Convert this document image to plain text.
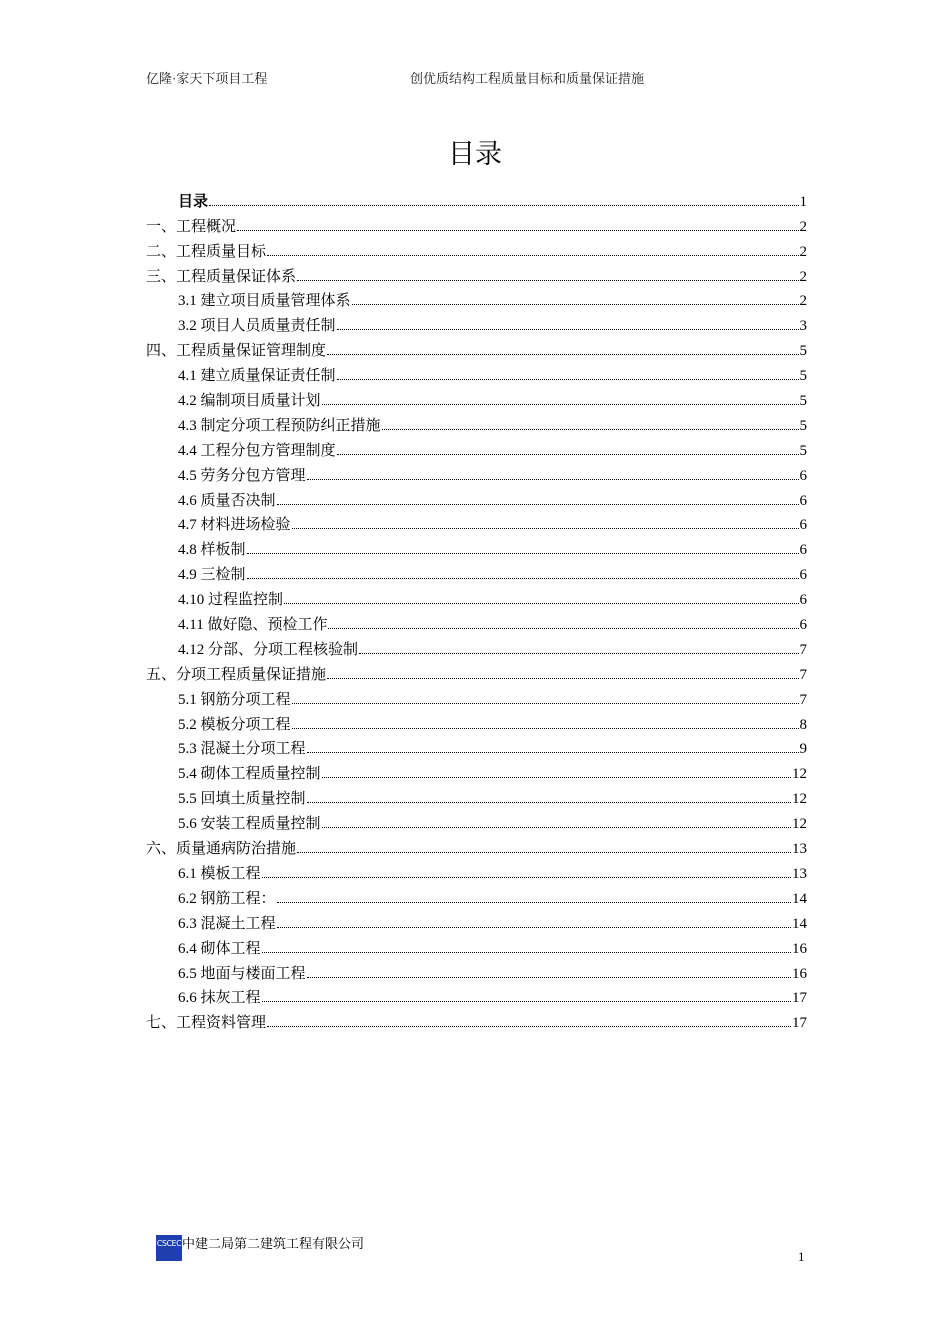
亿隆·家天下项目工程	创优质结构工程质量目标和质量保证措施
目录
目录	1
一、工程概况	2
二、工程质量目标	2
三、工程质量保证体系	2
3.1 建立项目质量管理体系	2
3.2 项目人员质量责任制	3
四、工程质量保证管理制度	5
4.1 建立质量保证责任制	5
4.2 编制项目质量计划	5
4.3 制定分项工程预防纠正措施	5
4.4 工程分包方管理制度	5
4.5 劳务分包方管理	6
4.6 质量否决制	6
4.7 材料进场检验	6
4.8 样板制	6
4.9 三检制	6
4.10 过程监控制	6
4.11 做好隐、预检工作	6
4.12 分部、分项工程核验制	7
五、分项工程质量保证措施	7
5.1 钢筋分项工程	7
5.2 模板分项工程	8
5.3 混凝土分项工程	9
5.4 砌体工程质量控制	12
5.5 回填土质量控制	12
5.6 安装工程质量控制	12
六、质量通病防治措施	13
6.1 模板工程	13
6.2 钢筋工程：	14
6.3 混凝土工程	14
6.4 砌体工程	16
6.5 地面与楼面工程	16
6.6 抹灰工程	17
七、工程资料管理	17
CSCEC 中建二局第二建筑工程有限公司
1
